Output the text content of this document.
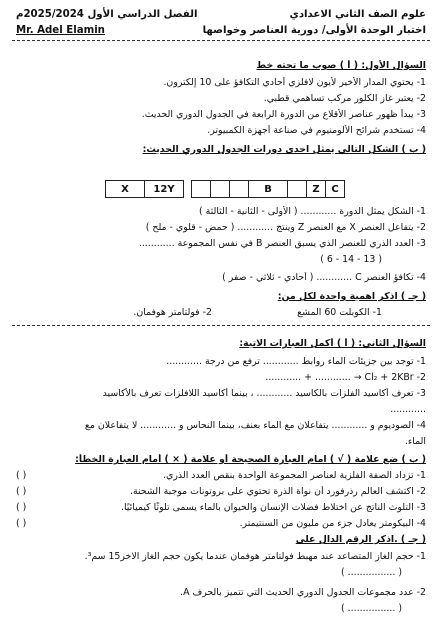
علوم الصف الثاني الاعدادي
الفصل الدراسي الأول 2025/2024م
اختبار الوحدة الأولى/ دورية العناصر وخواصها
Mr. Adel Elamin
السؤال الأول: ( أ ) صوب ما تحته خط
1- يحتوي المدار الأخير لأيون لافلزي أحادي التكافؤ على 10 إلكترون.
2- يعتبر غاز الكلور مركب تساهمي قطبي.
3- يبدأ ظهور عناصر الأقلاع من الدورة الرابعة في الجدول الدوري الحديث.
4- تستخدم شرائح الألومنيوم في صناعة أجهزة الكمبيوتر.
( ب ) الشكل التالي يمثل احدى دورات الجدول الدوري الحديث:
X	12Y	B	Z	C
1- الشكل يمثل الدورة ............ ( الأولى - الثانية - الثالثة )
2- يتفاعل العنصر X مع العنصر Z وينتج ............ ( حمض - قلوي - ملح )
3- العدد الذري للعنصر الذي يسبق العنصر B في نفس المجموعة ............
( 13 - 14 - 6 )
4- تكافؤ العنصر C ............ ( أحادي - ثلاثي - صفر )
( جـ ) اذكر اهمية واحدة لكل من:
1- الكوبلت 60 المشع
2- فولتامتر هوفمان.
السؤال الثاني: ( أ ) أكمل العبارات الاتية:
1- توجد بين جزيئات الماء روابط ............ ترفع من درجة ............
2- Cl₂ + 2KBr → ............ + ............
3- تعرف أكاسيد الفلزات بالكاسيد ............ ، بينما أكاسيد اللافلزات تعرف بالأكاسيد
............
4- الصوديوم و ............ يتفاعلان مع الماء بعنف، بينما النحاس و ............ لا يتفاعلان مع
الماء.
( ب ) ضع علامة ( √ ) امام العبارة الصحيحة أو علامة ( × ) أمام العبارة الخطأ:
1- تزداد الصفة الفلزية لعناصر المجموعة الواحدة بنقص العدد الذري.
( )
2- اكتشف العالم رذرفورد أن نواة الذرة تحتوي على بروتونات موجبة الشحنة.
( )
3- التلوث الناتج عن اختلاط فضلات الإنسان والحيوان بالماء يسمى تلوثًا كيميائيًا.
( )
4- البيكومتر يعادل جزء من مليون من السنتيمتر.
( )
( جـ ) .اذكر الرقم الدال على
1- حجم الغاز المتصاعد عند مهبط فولتامتر هوفمان عندما يكون حجم الغاز الاخر15 سم³.
( ................ )
2- عدد مجموعات الجدول الدوري الحديث التي تتميز بالحرف A.
( ................ )
